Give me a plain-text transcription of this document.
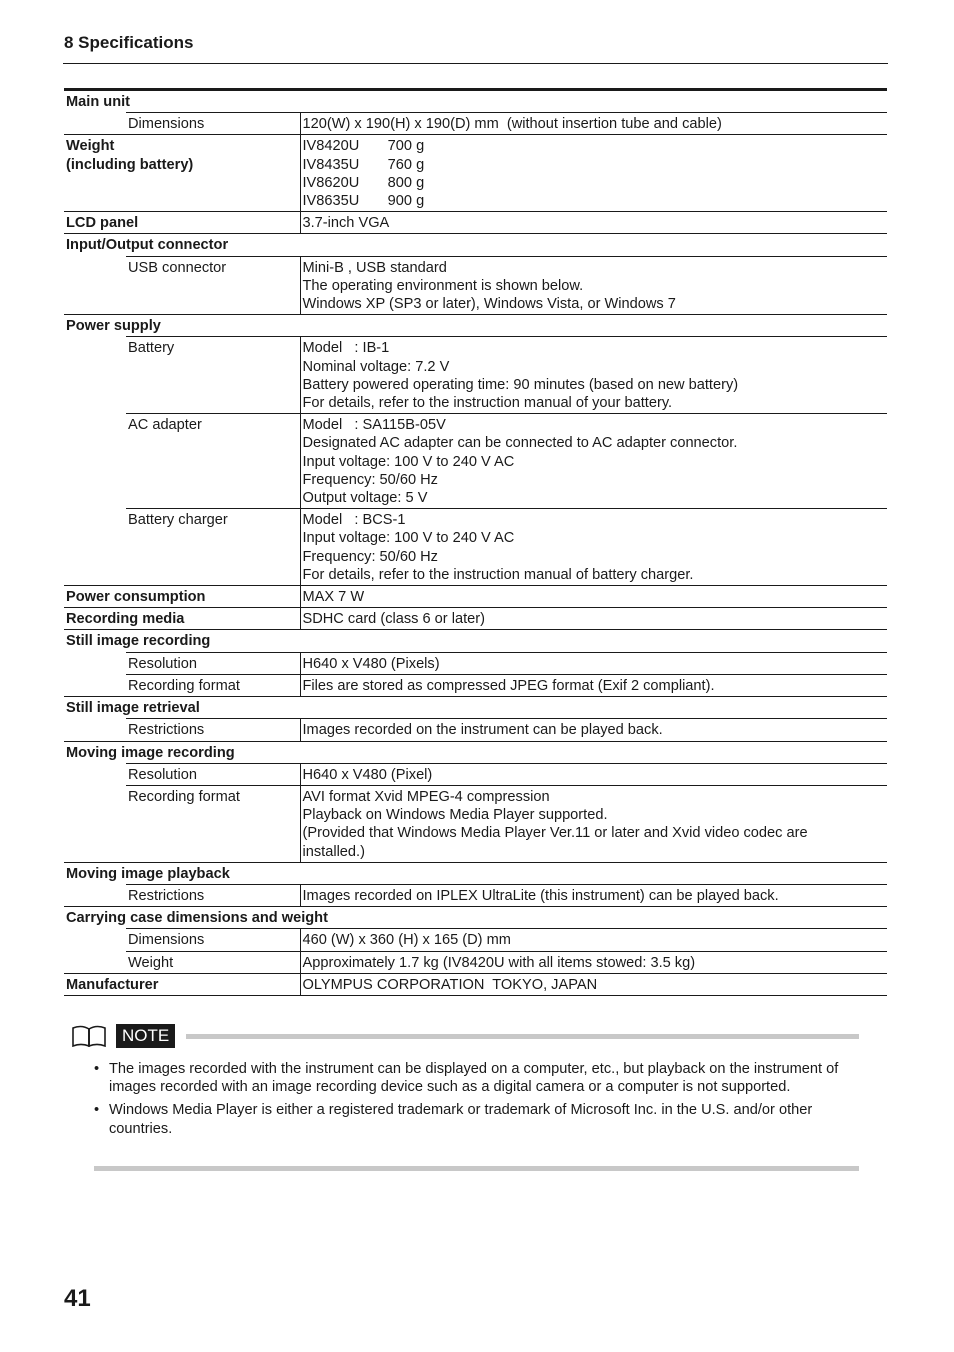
8 Specifications
Main unit		
	Dimensions	120(W) x 190(H) x 190(D) mm  (without insertion tube and cable)

Weight
(including battery)		IV8420U       700 g
IV8435U       760 g
IV8620U       800 g
IV8635U       900 g

LCD panel		3.7-inch VGA

Input/Output connector		
	USB connector	Mini-B , USB standard
The operating environment is shown below.
Windows XP (SP3 or later), Windows Vista, or Windows 7

Power supply		
	Battery	Model   : IB-1
Nominal voltage: 7.2 V
Battery powered operating time: 90 minutes (based on new battery)
For details, refer to the instruction manual of your battery.

	AC adapter	Model   : SA115B-05V
Designated AC adapter can be connected to AC adapter connector.
Input voltage: 100 V to 240 V AC
Frequency: 50/60 Hz
Output voltage: 5 V

	Battery charger	Model   : BCS-1
Input voltage: 100 V to 240 V AC
Frequency: 50/60 Hz
For details, refer to the instruction manual of battery charger.

Power consumption		MAX 7 W

Recording media		SDHC card (class 6 or later)

Still image recording		
	Resolution	H640 x V480 (Pixels)

	Recording format	Files are stored as compressed JPEG format (Exif 2 compliant).

Still image retrieval		
	Restrictions	Images recorded on the instrument can be played back.

Moving image recording		
	Resolution	H640 x V480 (Pixel)

	Recording format	AVI format Xvid MPEG-4 compression
Playback on Windows Media Player supported.
(Provided that Windows Media Player Ver.11 or later and Xvid video codec are
installed.)

Moving image playback		
	Restrictions	Images recorded on IPLEX UltraLite (this instrument) can be played back.

Carrying case dimensions and weight		
	Dimensions	460 (W) x 360 (H) x 165 (D) mm

	Weight	Approximately 1.7 kg (IV8420U with all items stowed: 3.5 kg)

Manufacturer		OLYMPUS CORPORATION  TOKYO, JAPAN
NOTE
• The images recorded with the instrument can be displayed on a computer, etc., but playback on the instrument of images recorded with an image recording device such as a digital camera or a computer is not supported.
• Windows Media Player is either a registered trademark or trademark of Microsoft Inc. in the U.S. and/or other countries.
41
